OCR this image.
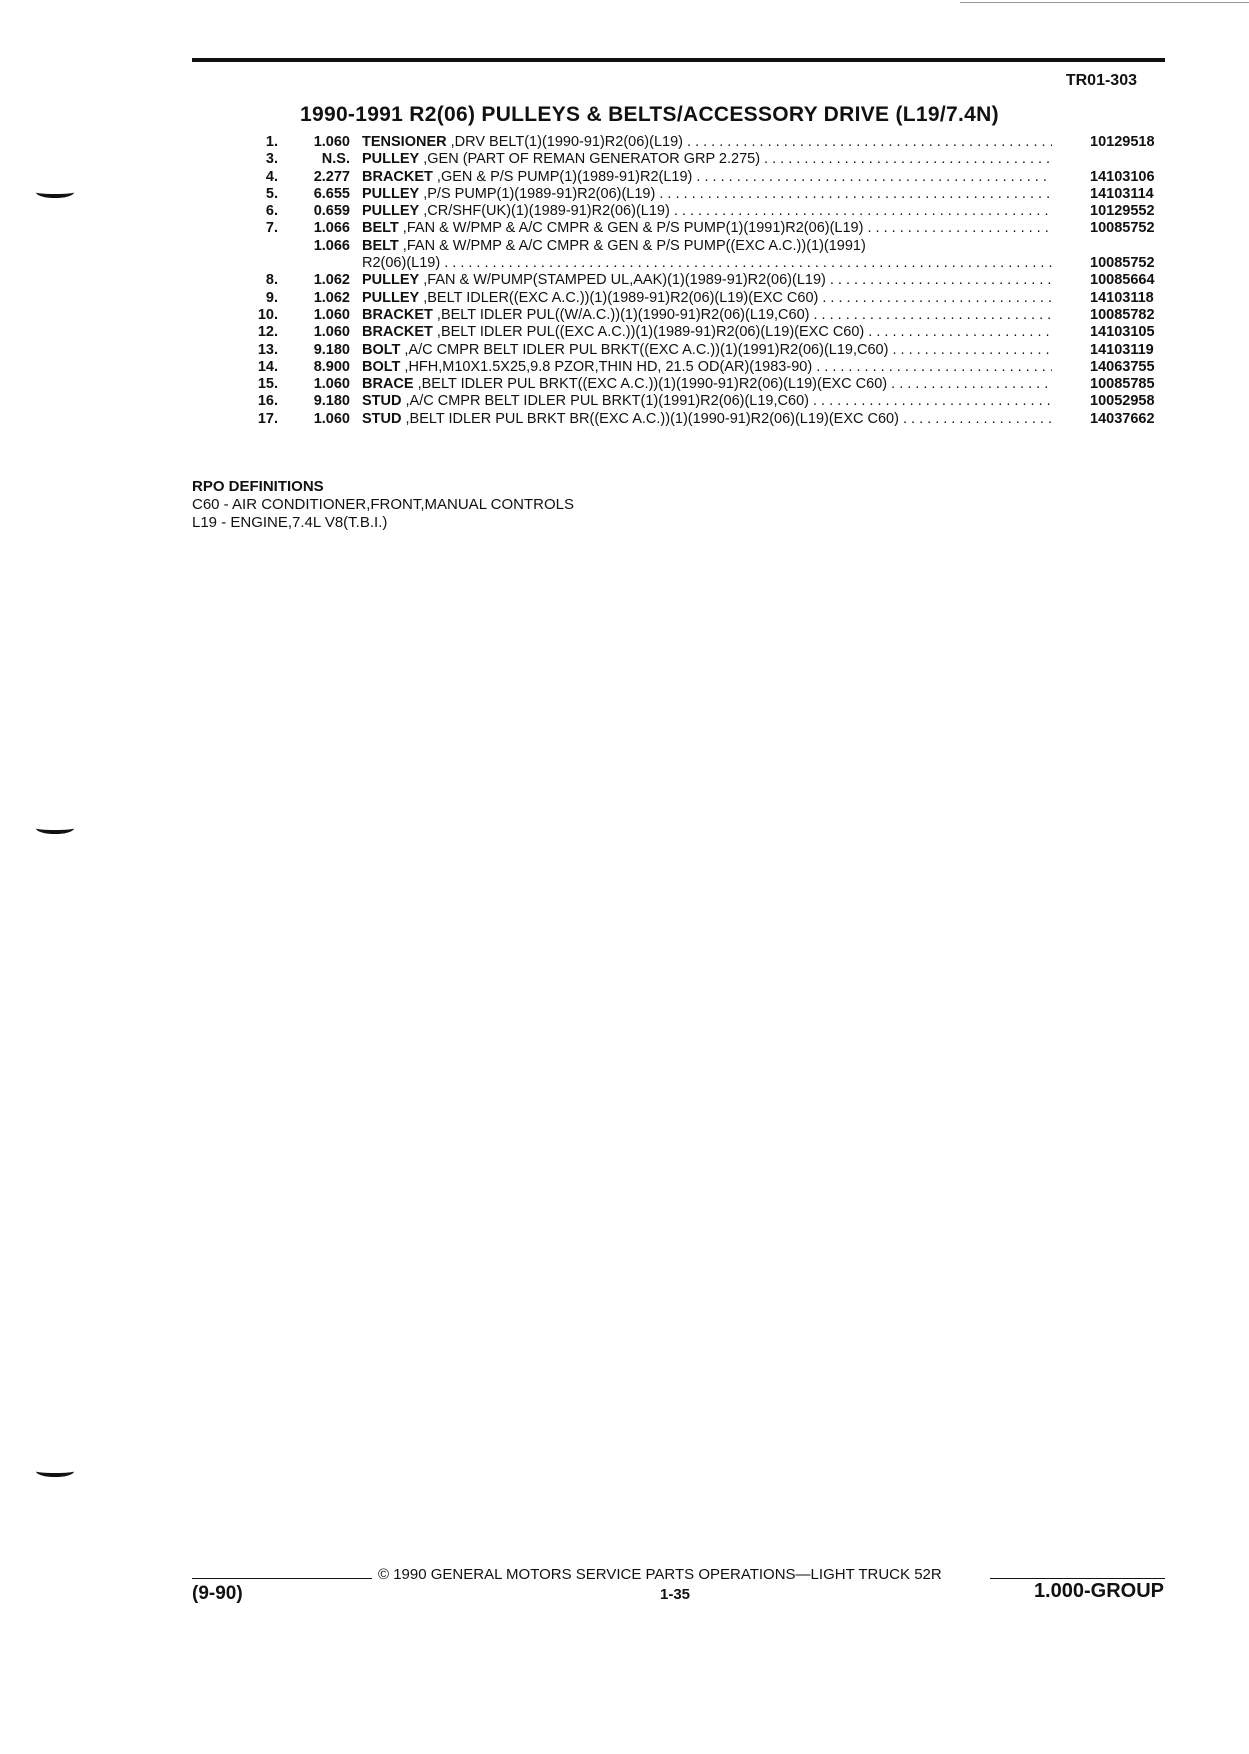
TR01-303
1990-1991 R2(06) PULLEYS & BELTS/ACCESSORY DRIVE (L19/7.4N)
1.	1.060 TENSIONER ,DRV BELT(1)(1990-91)R2(06)(L19) . . .	10129518
3.	N.S. PULLEY ,GEN (PART OF REMAN GENERATOR GRP 2.275) . . .
4.	2.277 BRACKET ,GEN & P/S PUMP(1)(1989-91)R2(L19) . . .	14103106
5.	6.655 PULLEY ,P/S PUMP(1)(1989-91)R2(06)(L19) . . .	14103114
6.	0.659 PULLEY ,CR/SHF(UK)(1)(1989-91)R2(06)(L19) . . .	10129552
7.	1.066 BELT ,FAN & W/PMP & A/C CMPR & GEN & P/S PUMP(1)(1991)R2(06)(L19) . . .	10085752
1.066 BELT ,FAN & W/PMP & A/C CMPR & GEN & P/S PUMP((EXC A.C.))(1)(1991)
R2(06)(L19) . . .	10085752
8.	1.062 PULLEY ,FAN & W/PUMP(STAMPED UL,AAK)(1)(1989-91)R2(06)(L19) . . .	10085664
9.	1.062 PULLEY ,BELT IDLER((EXC A.C.))(1)(1989-91)R2(06)(L19)(EXC C60) . . .	14103118
10.	1.060 BRACKET ,BELT IDLER PUL((W/A.C.))(1)(1990-91)R2(06)(L19,C60) . . .	10085782
12.	1.060 BRACKET ,BELT IDLER PUL((EXC A.C.))(1)(1989-91)R2(06)(L19)(EXC C60) . . .	14103105
13.	9.180 BOLT ,A/C CMPR BELT IDLER PUL BRKT((EXC A.C.))(1)(1991)R2(06)(L19,C60) . . .	14103119
14.	8.900 BOLT ,HFH,M10X1.5X25,9.8 PZOR,THIN HD, 21.5 OD(AR)(1983-90) . . .	14063755
15.	1.060 BRACE ,BELT IDLER PUL BRKT((EXC A.C.))(1)(1990-91)R2(06)(L19)(EXC C60) . . .	10085785
16.	9.180 STUD ,A/C CMPR BELT IDLER PUL BRKT(1)(1991)R2(06)(L19,C60) . . .	10052958
17.	1.060 STUD ,BELT IDLER PUL BRKT BR((EXC A.C.))(1)(1990-91)R2(06)(L19)(EXC C60) . . .	14037662
RPO DEFINITIONS
C60 - AIR CONDITIONER,FRONT,MANUAL CONTROLS
L19 - ENGINE,7.4L V8(T.B.I.)
© 1990 GENERAL MOTORS SERVICE PARTS OPERATIONS—LIGHT TRUCK 52R
(9-90)	1-35	1.000-GROUP
